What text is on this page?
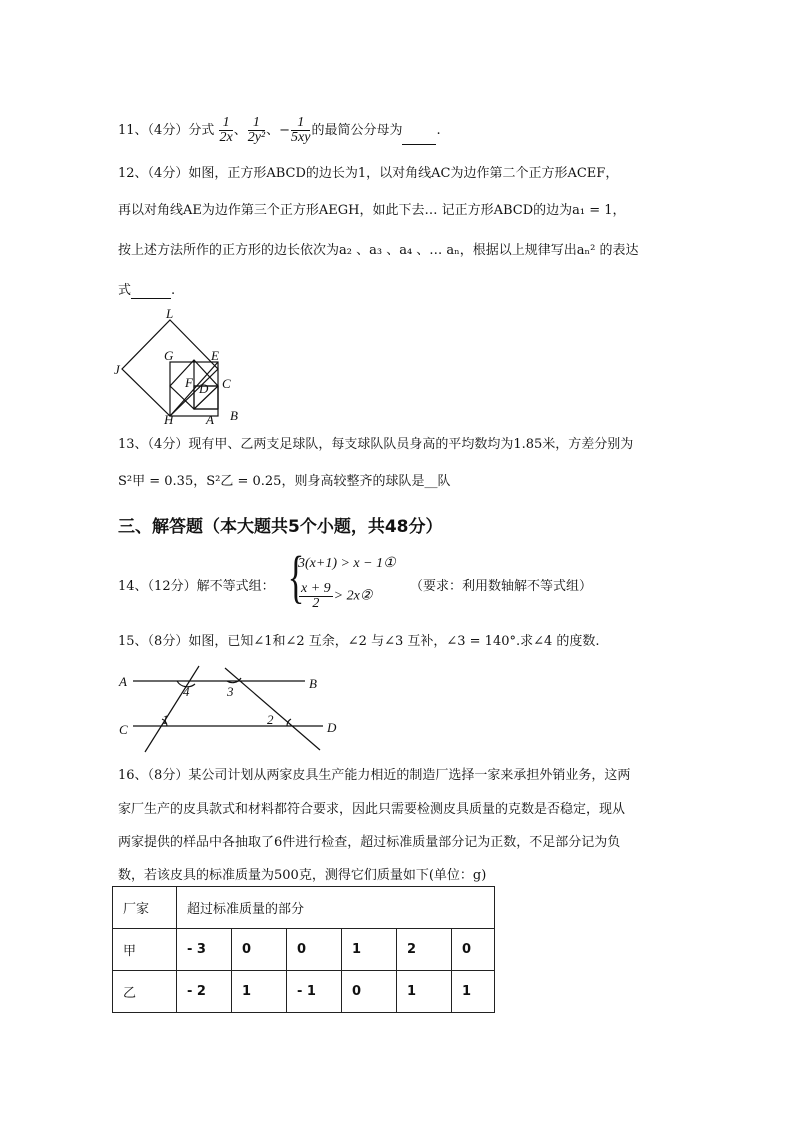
11、（4分）分式 $\frac{1}{2x}$ 、 $\frac{1}{\text{2y²}}$ 、− $\frac{1}{5xy}$ 的最简公分母为	.
12、（4分）如图，正方形ABCD的边长为1，以对角线AC为边作第二个正方形ACEF，
再以对角线AE为边作第三个正方形AEGH，如此下去… 记正方形ABCD的边为a₁ = 1，
按上述方法所作的正方形的边长依次为a₂ 、a₃ 、a₄ 、… aₙ，根据以上规律写出aₙ² 的表达
式	.
L
G	E
J
F D C
H	A B
13、（4分）现有甲、乙两支足球队，每支球队队员身高的平均数均为1.85米，方差分别为
S²甲 = 0.35，S²乙 = 0.25，则身高较整齐的球队是__队
三、解答题（本大题共5个小题，共48分）
14、（12分）解不等式组： {
3(x+1) > x − 1①
$\frac{x + 9}{2}$ > 2x②
（要求：利用数轴解不等式组）
15、（8分）如图，已知∠1和∠2 互余，∠2 与∠3 互补，∠3 = 140°.求∠4 的度数.
A
4	3
B
C
1	2
D
16、（8分）某公司计划从两家皮具生产能力相近的制造厂选择一家来承担外销业务，这两
家厂生产的皮具款式和材料都符合要求，因此只需要检测皮具质量的克数是否稳定，现从
两家提供的样品中各抽取了6件进行检查，超过标准质量部分记为正数，不足部分记为负
数，若该皮具的标准质量为500克，测得它们质量如下(单位：g)
厂家	超过标准质量的部分					
甲	- 3	0	0	1	2	0
乙	- 2	1	- 1	0	1	1
